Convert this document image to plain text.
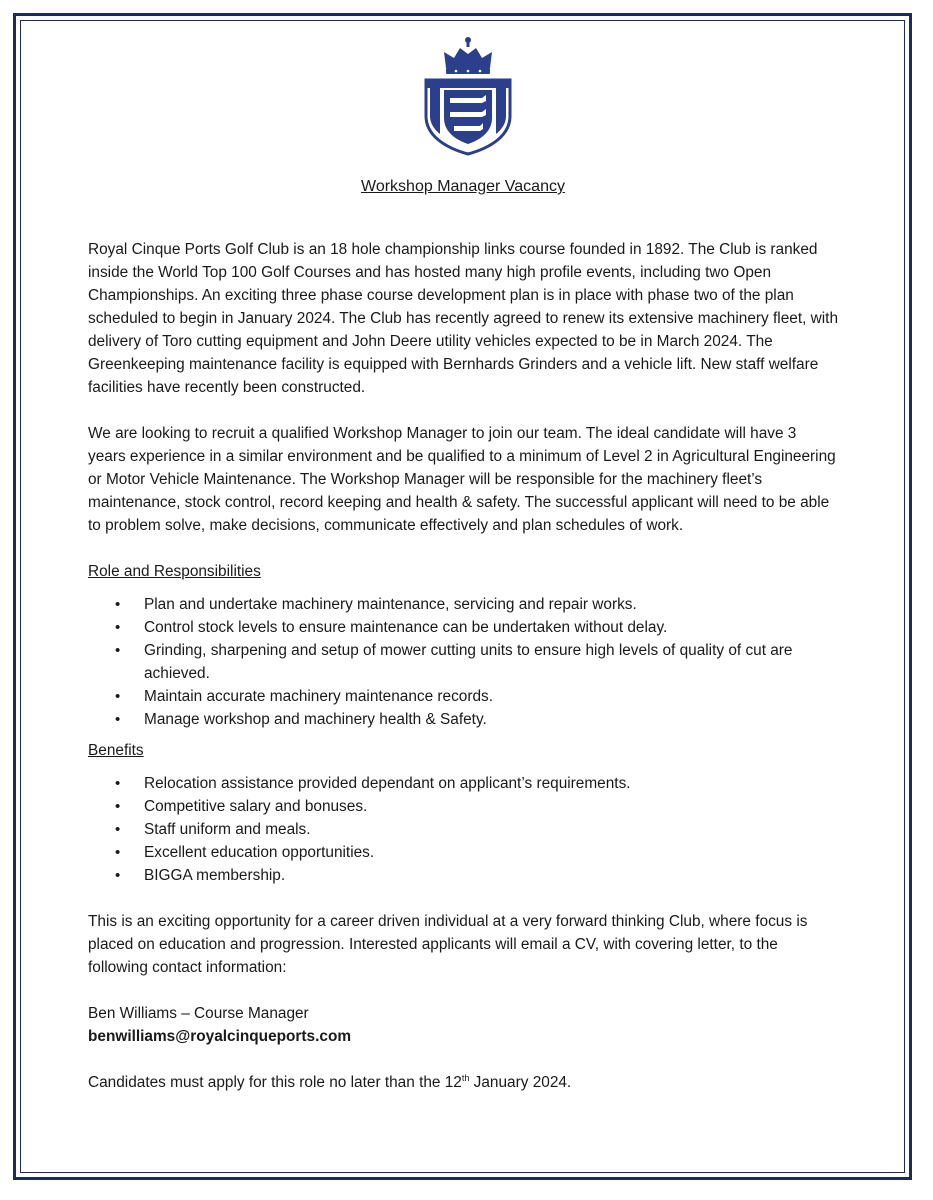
Workshop Manager Vacancy

Royal Cinque Ports Golf Club is an 18 hole championship links course founded in 1892. The Club is ranked inside the World Top 100 Golf Courses and has hosted many high profile events, including two Open Championships. An exciting three phase course development plan is in place with phase two of the plan scheduled to begin in January 2024. The Club has recently agreed to renew its extensive machinery fleet, with delivery of Toro cutting equipment and John Deere utility vehicles expected to be in March 2024. The Greenkeeping maintenance facility is equipped with Bernhards Grinders and a vehicle lift. New staff welfare facilities have recently been constructed.

We are looking to recruit a qualified Workshop Manager to join our team. The ideal candidate will have 3 years experience in a similar environment and be qualified to a minimum of Level 2 in Agricultural Engineering or Motor Vehicle Maintenance. The Workshop Manager will be responsible for the machinery fleet’s maintenance, stock control, record keeping and health & safety. The successful applicant will need to be able to problem solve, make decisions, communicate effectively and plan schedules of work.

Role and Responsibilities
• Plan and undertake machinery maintenance, servicing and repair works.
• Control stock levels to ensure maintenance can be undertaken without delay.
• Grinding, sharpening and setup of mower cutting units to ensure high levels of quality of cut are achieved.
• Maintain accurate machinery maintenance records.
• Manage workshop and machinery health & Safety.
Benefits
• Relocation assistance provided dependant on applicant’s requirements.
• Competitive salary and bonuses.
• Staff uniform and meals.
• Excellent education opportunities.
• BIGGA membership.

This is an exciting opportunity for a career driven individual at a very forward thinking Club, where focus is placed on education and progression. Interested applicants will email a CV, with covering letter, to the following contact information:

Ben Williams – Course Manager
benwilliams@royalcinqueports.com

Candidates must apply for this role no later than the 12th January 2024.
